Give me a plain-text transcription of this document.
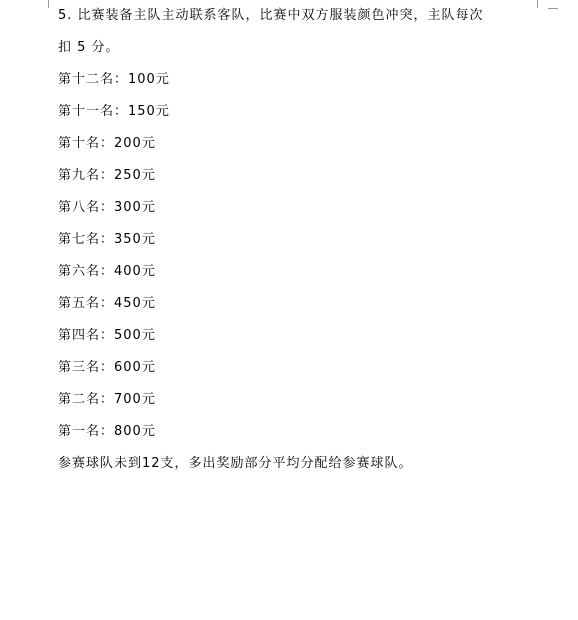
5. 比赛装备主队主动联系客队，比赛中双方服装颜色冲突，主队每次
扣 5 分。
第十二名：100元
第十一名：150元
第十名：200元
第九名：250元
第八名：300元
第七名：350元
第六名：400元
第五名：450元
第四名：500元
第三名：600元
第二名：700元
第一名：800元
参赛球队未到12支，多出奖励部分平均分配给参赛球队。
